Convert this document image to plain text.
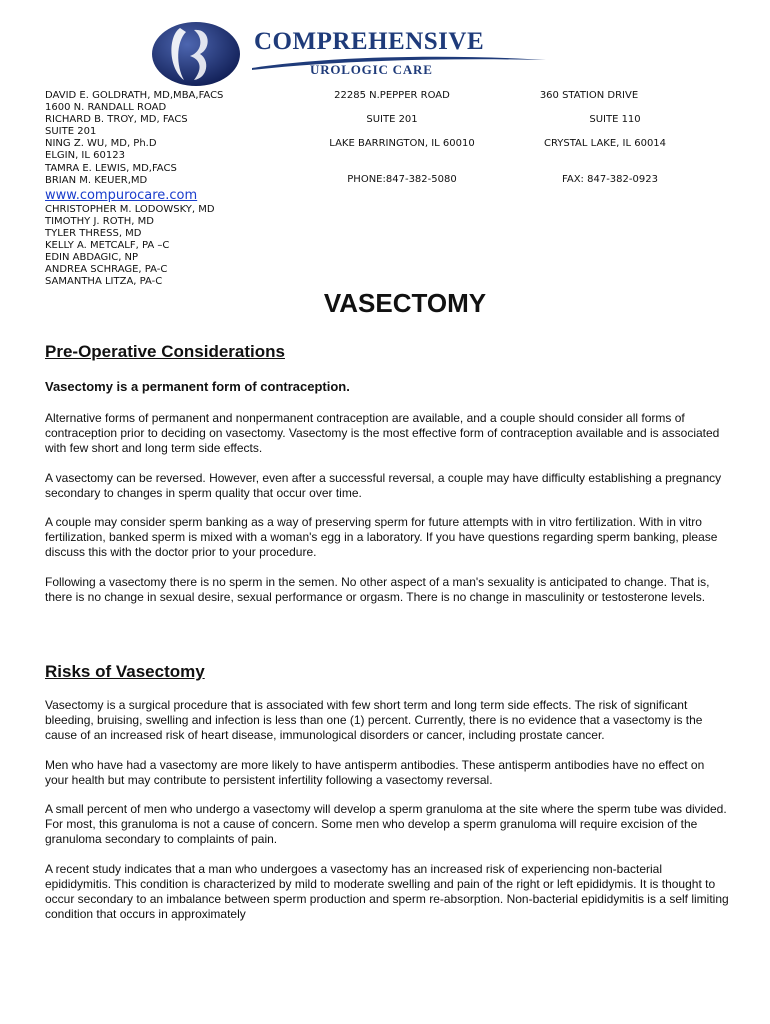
COMPREHENSIVE
UROLOGIC CARE
DAVID E. GOLDRATH, MD,MBA,FACS
1600 N. RANDALL ROAD
RICHARD B. TROY, MD, FACS
SUITE 201
NING Z. WU, MD, Ph.D
ELGIN, IL 60123
TAMRA E. LEWIS, MD,FACS
BRIAN M. KEUER,MD
www.compurocare.com
CHRISTOPHER M. LODOWSKY, MD
TIMOTHY J. ROTH, MD
TYLER THRESS, MD
KELLY A. METCALF, PA –C
EDIN ABDAGIC, NP
ANDREA SCHRAGE, PA-C
SAMANTHA LITZA, PA-C
22285 N.PEPPER ROAD
SUITE 201
LAKE BARRINGTON, IL 60010
PHONE:847-382-5080
360 STATION DRIVE
SUITE 110
CRYSTAL LAKE, IL 60014
FAX: 847-382-0923
VASECTOMY
Pre-Operative Considerations

Vasectomy is a permanent form of contraception.

Alternative forms of permanent and nonpermanent contraception are available, and a couple should consider all forms of contraception prior to deciding on vasectomy. Vasectomy is the most effective form of contraception available and is associated with few short and long term side effects.

A vasectomy can be reversed. However, even after a successful reversal, a couple may have difficulty establishing a pregnancy secondary to changes in sperm quality that occur over time.

A couple may consider sperm banking as a way of preserving sperm for future attempts with in vitro fertilization. With in vitro fertilization, banked sperm is mixed with a woman's egg in a laboratory. If you have questions regarding sperm banking, please discuss this with the doctor prior to your procedure.

Following a vasectomy there is no sperm in the semen. No other aspect of a man's sexuality is anticipated to change. That is, there is no change in sexual desire, sexual performance or orgasm. There is no change in masculinity or testosterone levels.

Risks of Vasectomy

Vasectomy is a surgical procedure that is associated with few short term and long term side effects. The risk of significant bleeding, bruising, swelling and infection is less than one (1) percent. Currently, there is no evidence that a vasectomy is the cause of an increased risk of heart disease, immunological disorders or cancer, including prostate cancer.

Men who have had a vasectomy are more likely to have antisperm antibodies. These antisperm antibodies have no effect on your health but may contribute to persistent infertility following a vasectomy reversal.

A small percent of men who undergo a vasectomy will develop a sperm granuloma at the site where the sperm tube was divided. For most, this granuloma is not a cause of concern. Some men who develop a sperm granuloma will require excision of the granuloma secondary to complaints of pain.

A recent study indicates that a man who undergoes a vasectomy has an increased risk of experiencing non-bacterial epididymitis. This condition is characterized by mild to moderate swelling and pain of the right or left epididymis. It is thought to occur secondary to an imbalance between sperm production and sperm re-absorption. Non-bacterial epididymitis is a self limiting condition that occurs in approximately
